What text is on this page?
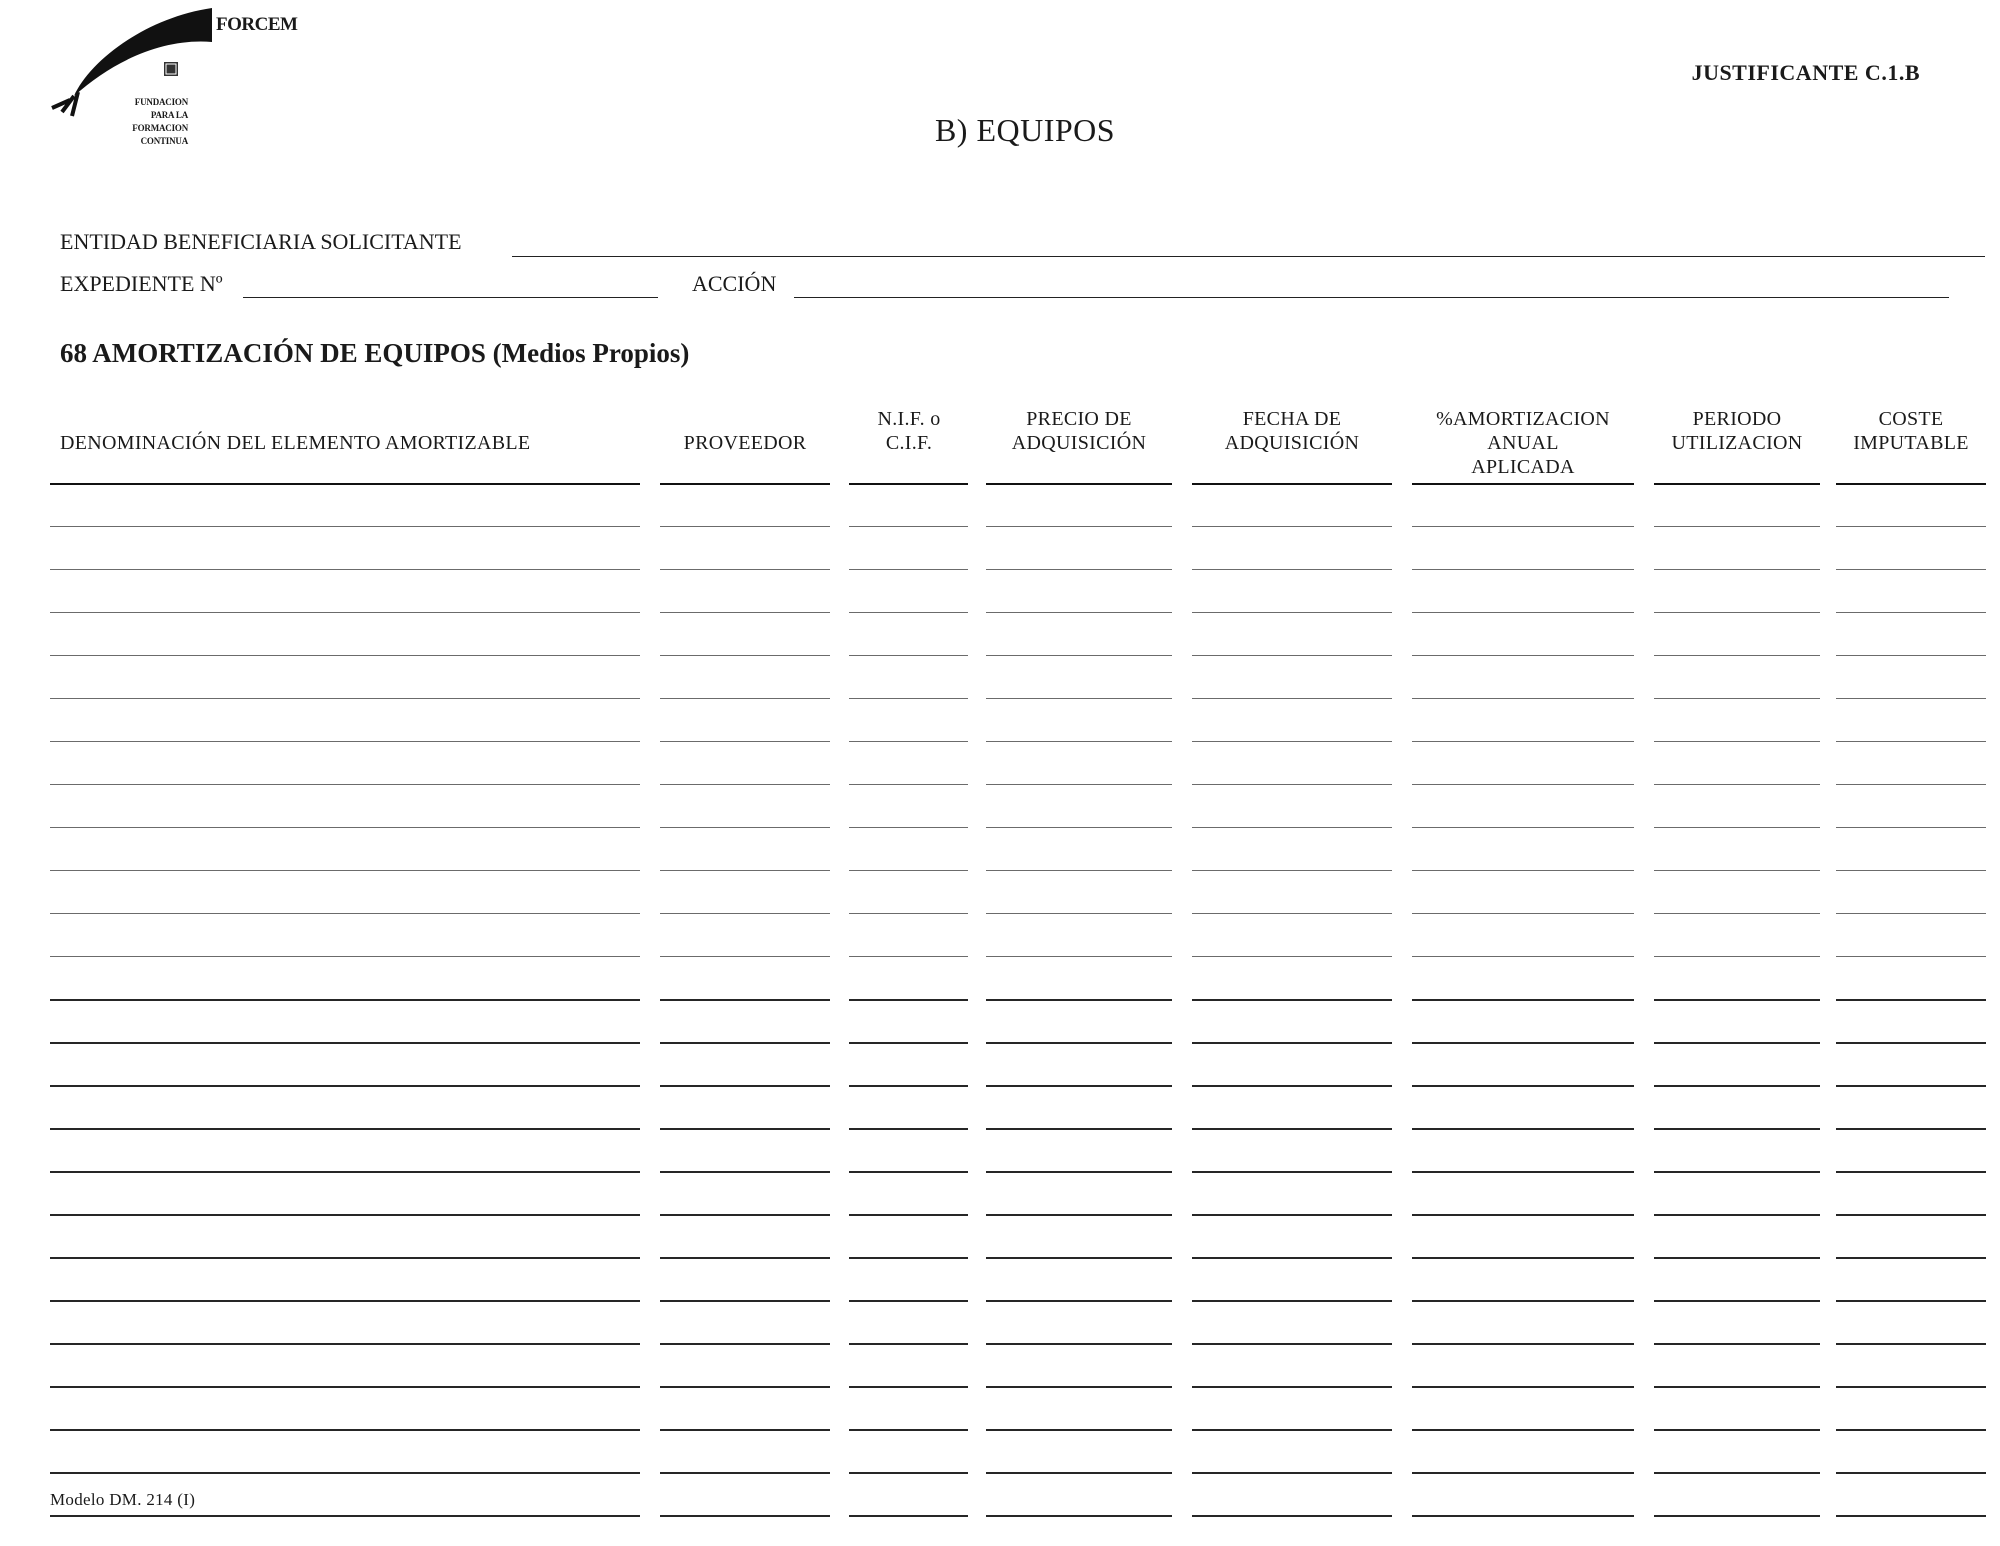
FORCEM
FUNDACION
PARA LA
FORMACION
CONTINUA
JUSTIFICANTE C.1.B
B) EQUIPOS
ENTIDAD BENEFICIARIA SOLICITANTE
EXPEDIENTE Nº	ACCIÓN
68 AMORTIZACIÓN DE EQUIPOS (Medios Propios)
DENOMINACIÓN DEL ELEMENTO AMORTIZABLE	PROVEEDOR
N.I.F. o
C.I.F.
PRECIO DE
ADQUISICIÓN
FECHA DE
ADQUISICIÓN
%AMORTIZACION
ANUAL
APLICADA
PERIODO
UTILIZACION
COSTE
IMPUTABLE
Modelo DM. 214 (I)
